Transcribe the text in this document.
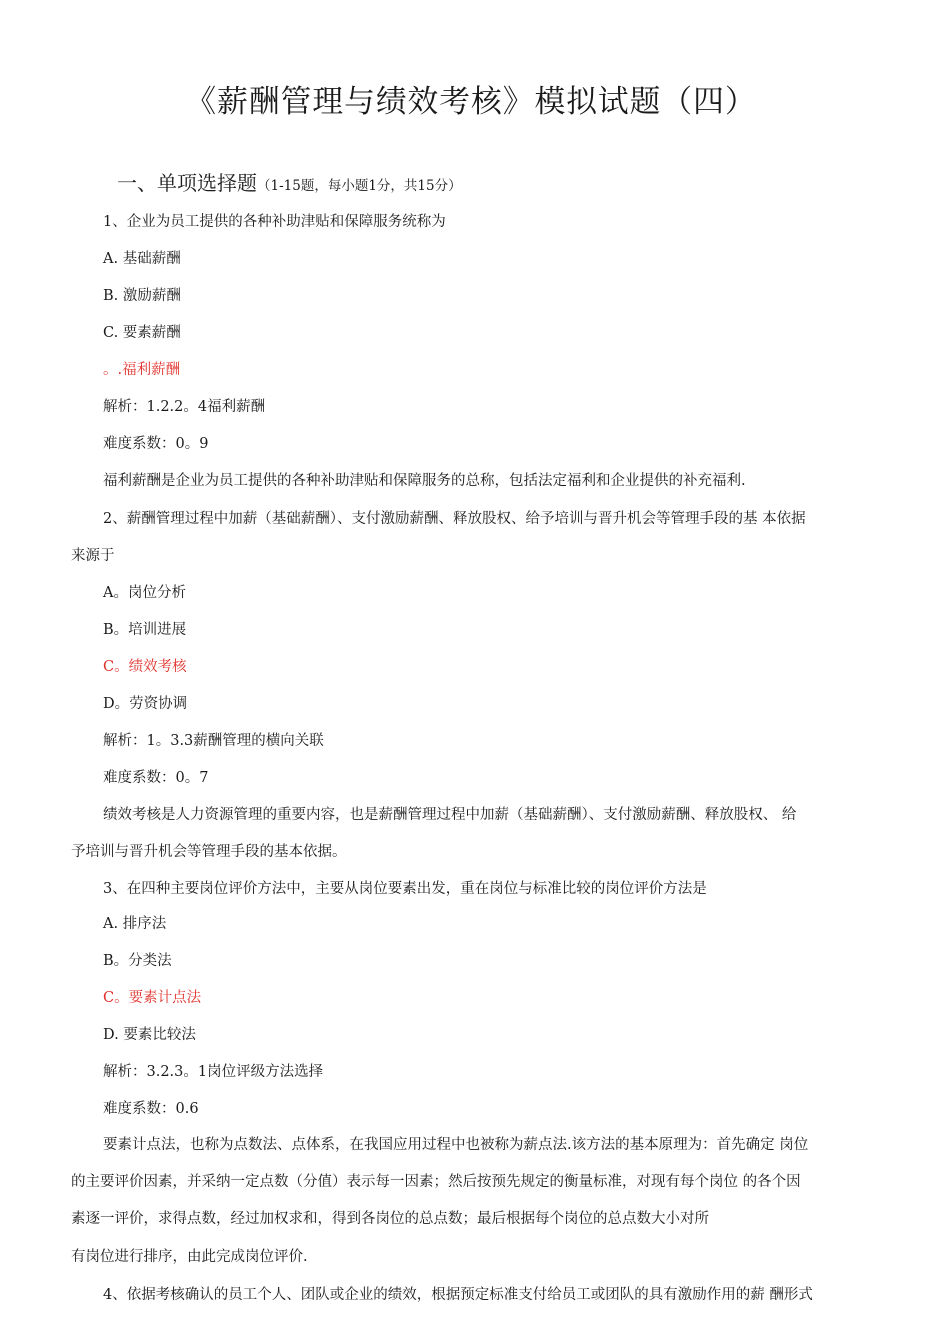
《薪酬管理与绩效考核》模拟试题（四）
一、单项选择题（1-15题，每小题1分，共15分）
1、企业为员工提供的各种补助津贴和保障服务统称为
A. 基础薪酬
B. 激励薪酬
C. 要素薪酬
。.福利薪酬
解析：1.2.2。4福利薪酬
难度系数：0。9
福利薪酬是企业为员工提供的各种补助津贴和保障服务的总称，包括法定福利和企业提供的补充福利.
2、薪酬管理过程中加薪（基础薪酬）、支付激励薪酬、释放股权、给予培训与晋升机会等管理手段的基 本依据
来源于
A。岗位分析
B。培训进展
C。绩效考核
D。劳资协调
解析：1。3.3薪酬管理的横向关联
难度系数：0。7
绩效考核是人力资源管理的重要内容，也是薪酬管理过程中加薪（基础薪酬）、支付激励薪酬、释放股权、 给
予培训与晋升机会等管理手段的基本依据。
3、在四种主要岗位评价方法中，主要从岗位要素出发，重在岗位与标准比较的岗位评价方法是
A. 排序法
B。分类法
C。要素计点法
D. 要素比较法
解析：3.2.3。1岗位评级方法选择
难度系数：0.6
要素计点法，也称为点数法、点体系，在我国应用过程中也被称为薪点法.该方法的基本原理为：首先确定 岗位
的主要评价因素，并采纳一定点数（分值）表示每一因素；然后按预先规定的衡量标准，对现有每个岗位 的各个因
素逐一评价，求得点数，经过加权求和，得到各岗位的总点数；最后根据每个岗位的总点数大小对所
有岗位进行排序，由此完成岗位评价.
4、依据考核确认的员工个人、团队或企业的绩效，根据预定标准支付给员工或团队的具有激励作用的薪 酬形式
